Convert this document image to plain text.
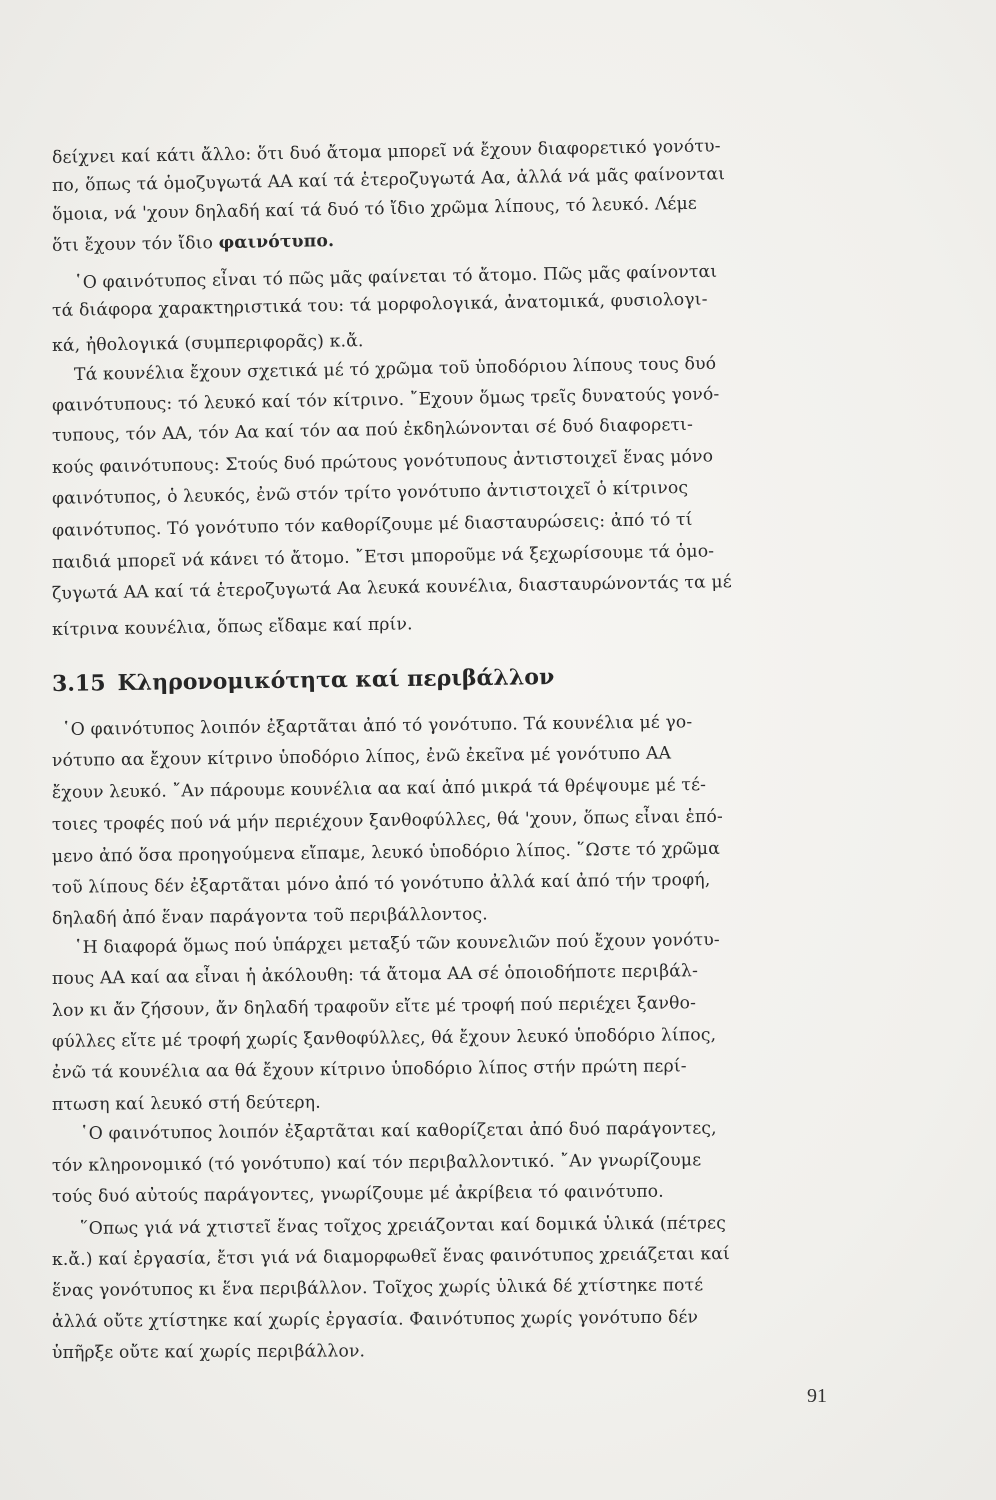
δείχνει καί κάτι ἄλλο: ὅτι δυό ἄτομα μπορεῖ νά ἔχουν διαφορετικό γονότυ-
πο, ὅπως τά ὁμοζυγωτά AA καί τά ἑτεροζυγωτά Aα, ἀλλά νά μᾶς φαίνονται
ὅμοια, νά 'χουν δηλαδή καί τά δυό τό ἴδιο χρῶμα λίπους, τό λευκό. Λέμε
ὅτι ἔχουν τόν ἴδιο φαινότυπο.
῾Ο φαινότυπος εἶναι τό πῶς μᾶς φαίνεται τό ἄτομο. Πῶς μᾶς φαίνονται
τά διάφορα χαρακτηριστικά του: τά μορφολογικά, ἀνατομικά, φυσιολογι-
κά, ἠθολογικά (συμπεριφορᾶς) κ.ἄ.
Τά κουνέλια ἔχουν σχετικά μέ τό χρῶμα τοῦ ὑποδόριου λίπους τους δυό
φαινότυπους: τό λευκό καί τόν κίτρινο. ῎Εχουν ὅμως τρεῖς δυνατούς γονό-
τυπους, τόν AA, τόν Aα καί τόν αα πού ἐκδηλώνονται σέ δυό διαφορετι-
κούς φαινότυπους: Στούς δυό πρώτους γονότυπους ἀντιστοιχεῖ ἕνας μόνο
φαινότυπος, ὁ λευκός, ἐνῶ στόν τρίτο γονότυπο ἀντιστοιχεῖ ὁ κίτρινος
φαινότυπος. Τό γονότυπο τόν καθορίζουμε μέ διασταυρώσεις: ἀπό τό τί
παιδιά μπορεῖ νά κάνει τό ἄτομο. ῎Ετσι μποροῦμε νά ξεχωρίσουμε τά ὁμο-
ζυγωτά AA καί τά ἑτεροζυγωτά Aα λευκά κουνέλια, διασταυρώνοντάς τα μέ
κίτρινα κουνέλια, ὅπως εἴδαμε καί πρίν.
3.15 Κληρονομικότητα καί περιβάλλον
῾Ο φαινότυπος λοιπόν ἐξαρτᾶται ἀπό τό γονότυπο. Τά κουνέλια μέ γο-
νότυπο αα ἔχουν κίτρινο ὑποδόριο λίπος, ἐνῶ ἐκεῖνα μέ γονότυπο AA
ἔχουν λευκό. ῎Αν πάρουμε κουνέλια αα καί ἀπό μικρά τά θρέψουμε μέ τέ-
τοιες τροφές πού νά μήν περιέχουν ξανθοφύλλες, θά 'χουν, ὅπως εἶναι ἑπό-
μενο ἀπό ὅσα προηγούμενα εἴπαμε, λευκό ὑποδόριο λίπος. ῞Ωστε τό χρῶμα
τοῦ λίπους δέν ἐξαρτᾶται μόνο ἀπό τό γονότυπο ἀλλά καί ἀπό τήν τροφή,
δηλαδή ἀπό ἕναν παράγοντα τοῦ περιβάλλοντος.
῾Η διαφορά ὅμως πού ὑπάρχει μεταξύ τῶν κουνελιῶν πού ἔχουν γονότυ-
πους AA καί αα εἶναι ἡ ἀκόλουθη: τά ἄτομα AA σέ ὁποιοδήποτε περιβάλ-
λον κι ἄν ζήσουν, ἄν δηλαδή τραφοῦν εἴτε μέ τροφή πού περιέχει ξανθο-
φύλλες εἴτε μέ τροφή χωρίς ξανθοφύλλες, θά ἔχουν λευκό ὑποδόριο λίπος,
ἐνῶ τά κουνέλια αα θά ἔχουν κίτρινο ὑποδόριο λίπος στήν πρώτη περί-
πτωση καί λευκό στή δεύτερη.
῾Ο φαινότυπος λοιπόν ἐξαρτᾶται καί καθορίζεται ἀπό δυό παράγοντες,
τόν κληρονομικό (τό γονότυπο) καί τόν περιβαλλοντικό. ῎Αν γνωρίζουμε
τούς δυό αὐτούς παράγοντες, γνωρίζουμε μέ ἀκρίβεια τό φαινότυπο.
῞Οπως γιά νά χτιστεῖ ἕνας τοῖχος χρειάζονται καί δομικά ὑλικά (πέτρες
κ.ἄ.) καί ἐργασία, ἔτσι γιά νά διαμορφωθεῖ ἕνας φαινότυπος χρειάζεται καί
ἕνας γονότυπος κι ἕνα περιβάλλον. Τοῖχος χωρίς ὑλικά δέ χτίστηκε ποτέ
ἀλλά οὔτε χτίστηκε καί χωρίς ἐργασία. Φαινότυπος χωρίς γονότυπο δέν
ὑπῆρξε οὔτε καί χωρίς περιβάλλον.
91
